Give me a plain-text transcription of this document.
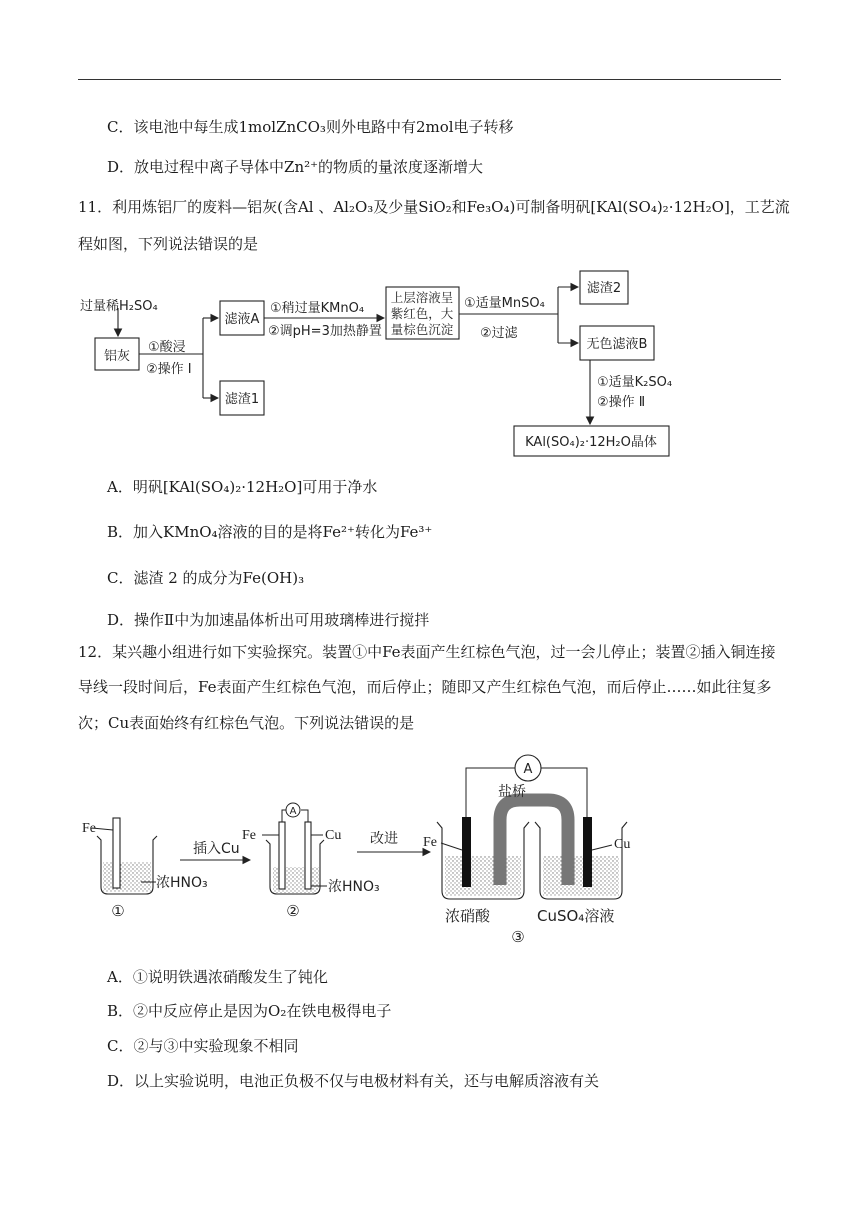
C．该电池中每生成1molZnCO₃则外电路中有2mol电子转移
D．放电过程中离子导体中Zn²⁺的物质的量浓度逐渐增大
11．利用炼铝厂的废料—铝灰(含Al 、Al₂O₃及少量SiO₂和Fe₃O₄)可制备明矾[KAl(SO₄)₂·12H₂O]，工艺流
程如图，下列说法错误的是
过量稀H₂SO₄
铝灰
①酸浸
②操作 Ⅰ
滤液A
滤渣1
①稍过量KMnO₄
②调pH=3加热静置
上层溶液呈
紫红色，大
量棕色沉淀
①适量MnSO₄
②过滤
滤渣2
无色滤液B
①适量K₂SO₄
②操作 Ⅱ
KAl(SO₄)₂·12H₂O晶体
A．明矾[KAl(SO₄)₂·12H₂O]可用于净水
B．加入KMnO₄溶液的目的是将Fe²⁺转化为Fe³⁺
C．滤渣 2 的成分为Fe(OH)₃
D．操作Ⅱ中为加速晶体析出可用玻璃棒进行搅拌
12．某兴趣小组进行如下实验探究。装置①中Fe表面产生红棕色气泡，过一会儿停止；装置②插入铜连接
导线一段时间后，Fe表面产生红棕色气泡，而后停止；随即又产生红棕色气泡，而后停止……如此往复多
次；Cu表面始终有红棕色气泡。下列说法错误的是
Fe
浓HNO₃
①
插入Cu
A
Fe	Cu
浓HNO₃
②
改进
A
盐桥
Fe	Cu
浓硝酸	CuSO₄溶液
③
A．①说明铁遇浓硝酸发生了钝化
B．②中反应停止是因为O₂在铁电极得电子
C．②与③中实验现象不相同
D．以上实验说明，电池正负极不仅与电极材料有关，还与电解质溶液有关
